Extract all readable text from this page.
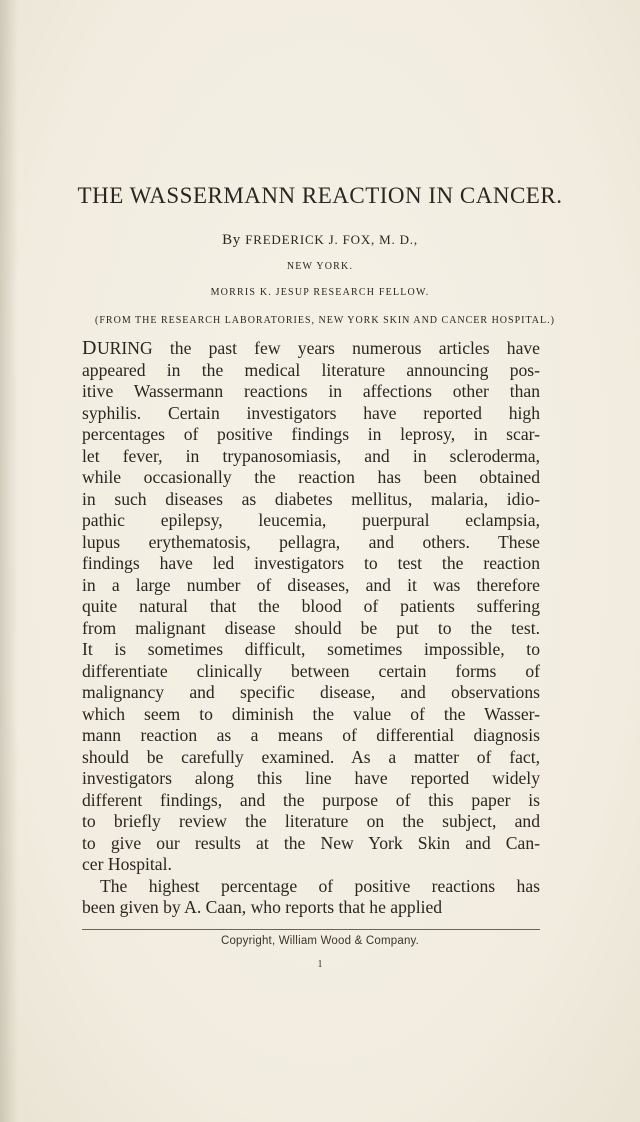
THE WASSERMANN REACTION IN CANCER.
By FREDERICK J. FOX, M. D.,
NEW YORK.
MORRIS K. JESUP RESEARCH FELLOW.
(FROM THE RESEARCH LABORATORIES, NEW YORK SKIN AND CANCER HOSPITAL.)
DURING the past few years numerous articles have
appeared in the medical literature announcing pos-
itive Wassermann reactions in affections other than
syphilis. Certain investigators have reported high
percentages of positive findings in leprosy, in scar-
let fever, in trypanosomiasis, and in scleroderma,
while occasionally the reaction has been obtained
in such diseases as diabetes mellitus, malaria, idio-
pathic epilepsy, leucemia, puerpural eclampsia,
lupus erythematosis, pellagra, and others. These
findings have led investigators to test the reaction
in a large number of diseases, and it was therefore
quite natural that the blood of patients suffering
from malignant disease should be put to the test.
It is sometimes difficult, sometimes impossible, to
differentiate clinically between certain forms of
malignancy and specific disease, and observations
which seem to diminish the value of the Wasser-
mann reaction as a means of differential diagnosis
should be carefully examined. As a matter of fact,
investigators along this line have reported widely
different findings, and the purpose of this paper is
to briefly review the literature on the subject, and
to give our results at the New York Skin and Can-
cer Hospital.
The highest percentage of positive reactions has
been given by A. Caan, who reports that he applied
Copyright, William Wood & Company.
1
